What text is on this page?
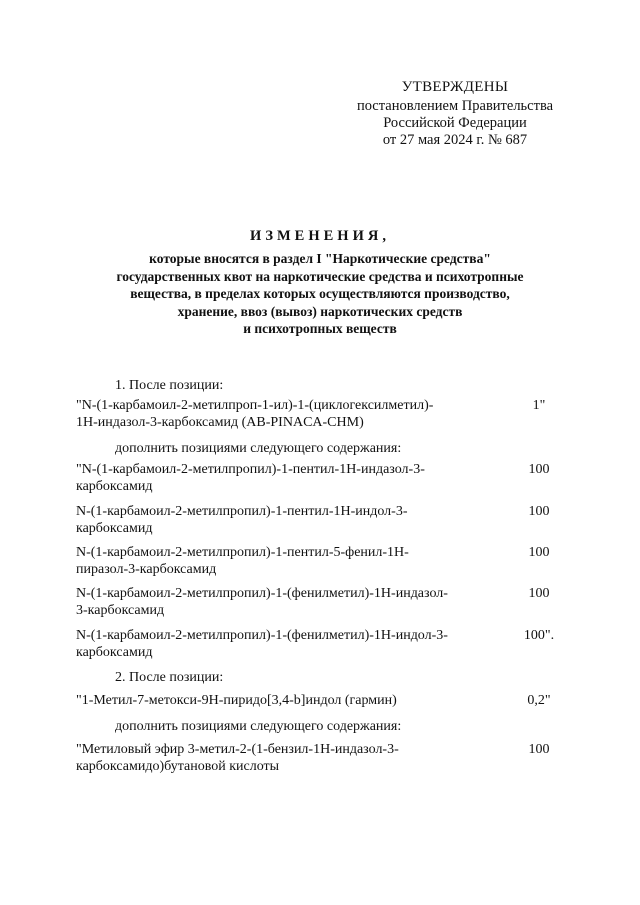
УТВЕРЖДЕНЫ
постановлением Правительства
Российской Федерации
от 27 мая 2024 г. № 687
ИЗМЕНЕНИЯ,
которые вносятся в раздел I "Наркотические средства"
государственных квот на наркотические средства и психотропные
вещества, в пределах которых осуществляются производство,
хранение, ввоз (вывоз) наркотических средств
и психотропных веществ
1. После позиции:
"N-(1-карбамоил-2-метилпроп-1-ил)-1-(циклогексилметил)-
1Н-индазол-3-карбоксамид (AB-PINACA-CHM)
1"
дополнить позициями следующего содержания:
"N-(1-карбамоил-2-метилпропил)-1-пентил-1Н-индазол-3-
карбоксамид
100
N-(1-карбамоил-2-метилпропил)-1-пентил-1Н-индол-3-
карбоксамид
100
N-(1-карбамоил-2-метилпропил)-1-пентил-5-фенил-1Н-
пиразол-3-карбоксамид
100
N-(1-карбамоил-2-метилпропил)-1-(фенилметил)-1Н-индазол-
3-карбоксамид
100
N-(1-карбамоил-2-метилпропил)-1-(фенилметил)-1Н-индол-3-
карбоксамид
100".
2. После позиции:
"1-Метил-7-метокси-9Н-пиридо[3,4-b]индол (гармин)	0,2"
дополнить позициями следующего содержания:
"Метиловый эфир 3-метил-2-(1-бензил-1Н-индазол-3-
карбоксамидо)бутановой кислоты
100
